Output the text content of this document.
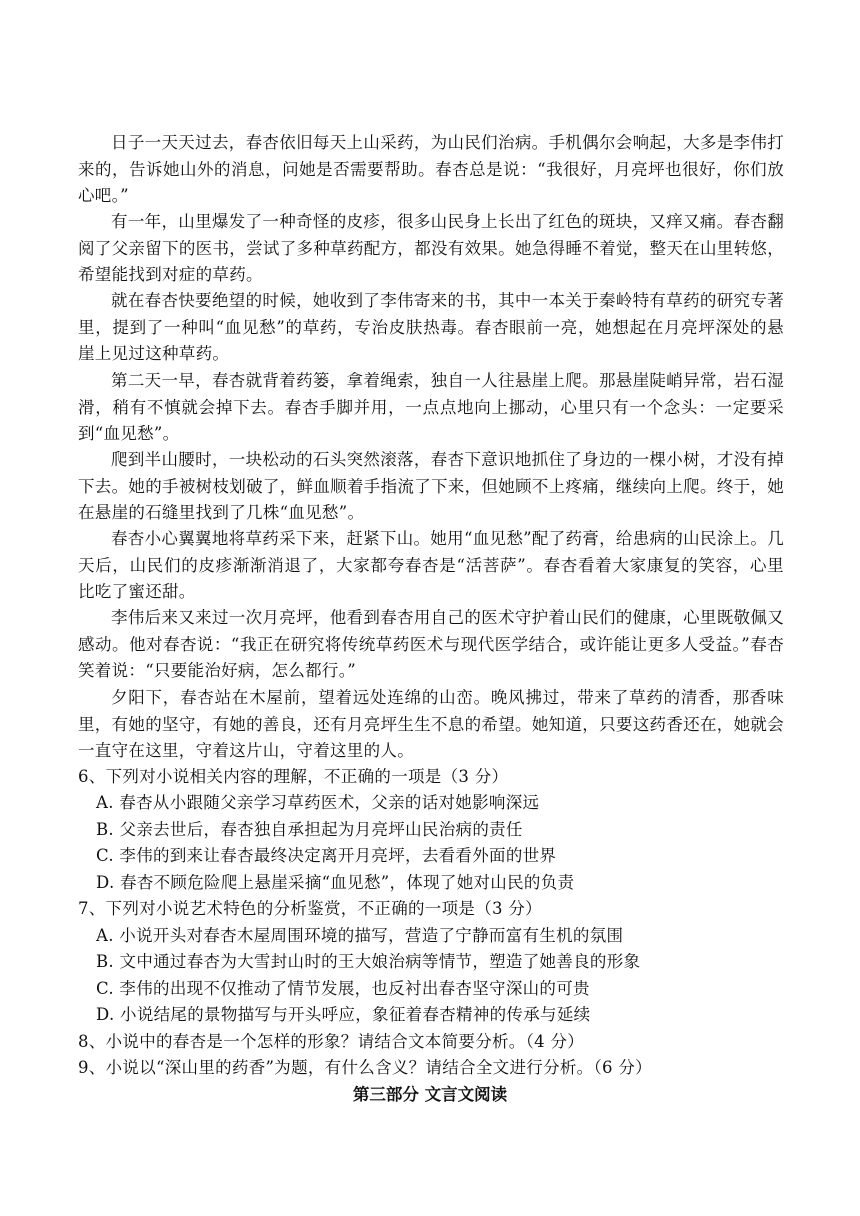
日子一天天过去，春杏依旧每天上山采药，为山民们治病。手机偶尔会响起，大多是李伟打来的，告诉她山外的消息，问她是否需要帮助。春杏总是说：“我很好，月亮坪也很好，你们放心吧。”

有一年，山里爆发了一种奇怪的皮疹，很多山民身上长出了红色的斑块，又痒又痛。春杏翻阅了父亲留下的医书，尝试了多种草药配方，都没有效果。她急得睡不着觉，整天在山里转悠，希望能找到对症的草药。

就在春杏快要绝望的时候，她收到了李伟寄来的书，其中一本关于秦岭特有草药的研究专著里，提到了一种叫“血见愁”的草药，专治皮肤热毒。春杏眼前一亮，她想起在月亮坪深处的悬崖上见过这种草药。

第二天一早，春杏就背着药篓，拿着绳索，独自一人往悬崖上爬。那悬崖陡峭异常，岩石湿滑，稍有不慎就会掉下去。春杏手脚并用，一点点地向上挪动，心里只有一个念头：一定要采到“血见愁”。

爬到半山腰时，一块松动的石头突然滚落，春杏下意识地抓住了身边的一棵小树，才没有掉下去。她的手被树枝划破了，鲜血顺着手指流了下来，但她顾不上疼痛，继续向上爬。终于，她在悬崖的石缝里找到了几株“血见愁”。

春杏小心翼翼地将草药采下来，赶紧下山。她用“血见愁”配了药膏，给患病的山民涂上。几天后，山民们的皮疹渐渐消退了，大家都夸春杏是“活菩萨”。春杏看着大家康复的笑容，心里比吃了蜜还甜。

李伟后来又来过一次月亮坪，他看到春杏用自己的医术守护着山民们的健康，心里既敬佩又感动。他对春杏说：“我正在研究将传统草药医术与现代医学结合，或许能让更多人受益。”春杏笑着说：“只要能治好病，怎么都行。”

夕阳下，春杏站在木屋前，望着远处连绵的山峦。晚风拂过，带来了草药的清香，那香味里，有她的坚守，有她的善良，还有月亮坪生生不息的希望。她知道，只要这药香还在，她就会一直守在这里，守着这片山，守着这里的人。

6、下列对小说相关内容的理解，不正确的一项是（3 分）

A. 春杏从小跟随父亲学习草药医术，父亲的话对她影响深远

B. 父亲去世后，春杏独自承担起为月亮坪山民治病的责任

C. 李伟的到来让春杏最终决定离开月亮坪，去看看外面的世界

D. 春杏不顾危险爬上悬崖采摘“血见愁”，体现了她对山民的负责

7、下列对小说艺术特色的分析鉴赏，不正确的一项是（3 分）

A. 小说开头对春杏木屋周围环境的描写，营造了宁静而富有生机的氛围

B. 文中通过春杏为大雪封山时的王大娘治病等情节，塑造了她善良的形象

C. 李伟的出现不仅推动了情节发展，也反衬出春杏坚守深山的可贵

D. 小说结尾的景物描写与开头呼应，象征着春杏精神的传承与延续

8、小说中的春杏是一个怎样的形象？请结合文本简要分析。（4 分）

9、小说以“深山里的药香”为题，有什么含义？请结合全文进行分析。（6 分）

第三部分 文言文阅读
